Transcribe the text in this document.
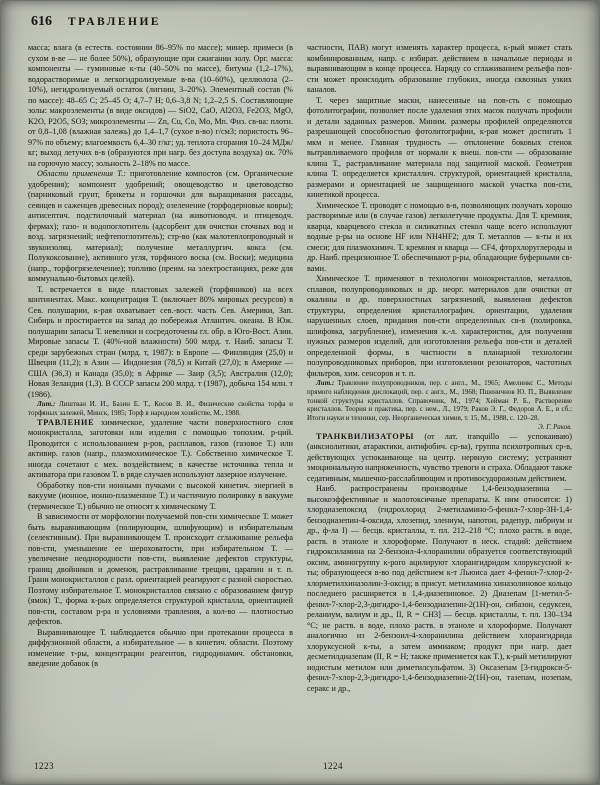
616 ТРАВЛЕНИЕ

масса; влага (в естеств. состоянии 86–95% по массе); минер. примеси (в сухом в-ве — не более 50%), образующие при сжигании золу. Орг. масса: компоненты — гуминовые к-ты (40–50% по массе), битумы (1,2–17%), водорастворимые и легкогидролизуемые в-ва (10–60%), целлюлоза (2–10%), негидролизуемый остаток (лигнин, 3–20%). Элементный состав (% по массе): 48–65 C; 25–45 O; 4,7–7 H; 0,6–3,8 N; 1,2–2,5 S. Составляющие золы: макроэлементы (в виде оксидов) — SiO2, CaO, Al2O3, Fe2O3, MgO, K2O, P2O5, SO3; микроэлементы — Zn, Cu, Co, Mo, Mn. Физ. св-ва: плотн. от 0,8–1,08 (влажная залежь) до 1,4–1,7 (сухое в-во) г/см3; пористость 96–97% по объему; влагоемкость 6,4–30 г/кг; уд. теплота сгорания 10–24 МДж/кг; выход летучих в-в (образуются при нагр. без доступа воздуха) ок. 70% на горючую массу; зольность 2–18% по массе.

Области применения Т.: приготовление компостов (см. Органические удобрения); компонент удобрений; овощеводство и цветоводство (парниковый грунт, брикеты и горшочки для выращивания рассады, сеянцев и саженцев древесных пород); озеленение (торфодерновые ковры); антисептич. подстилочный материал (на животноводч. и птицеводч. фермах); газо- и водопоглотитель (адсорбент для очистки сточных вод и возд. загрязнений; нефтепоглотитель); стр-во (как малотеплопроводный и звукоизоляц. материал); получение металлургич. кокса (см. Полукоксование), активного угля, торфяного воска (см. Воски); медицина (напр., торфогрязелечение); топливо (преим. на электростанциях, реже для коммунально-бытовых целей).

Т. встречается в виде пластовых залежей (торфяников) на всех континентах. Макс. концентрация Т. (включает 80% мировых ресурсов) в Сев. полушарии, к-рая охватывает сев.-вост. часть Сев. Америки, Зап. Сибирь и простирается на запад до побережья Атлантич. океана. В Юж. полушарии запасы Т. невелики и сосредоточены гл. обр. в Юго-Вост. Азии. Мировые запасы Т. (40%-ной влажности) 500 млрд. т. Наиб. запасы Т. среди зарубежных стран (млрд. т, 1987): в Европе — Финляндия (25,0) и Швеция (11,2); в Азии — Индонезия (78,5) и Китай (27,0); в Америке — США (36,3) и Канада (35,0); в Африке — Заир (3,5); Австралия (12,0); Новая Зеландия (1,3). В СССР запасы 200 млрд. т (1987), добыча 154 млн. т (1986).

Лит.: Лиштван И. И., Базин Е. Т., Косов В. И., Физические свойства торфа и торфяных залежей, Минск, 1985; Торф в народном хозяйстве, М., 1988.

ТРАВЛЕНИЕ химическое, удаление части поверхностного слоя монокристалла, заготовки или изделия с помощью топохим. р-ций. Проводится с использованием р-ров, расплавов, газов (газовое Т.) или активир. газов (напр., плазмохимическое Т.). Собственно химическое Т. иногда сочетают с мех. воздействием; в качестве источника тепла и активатора при газовом Т. в ряде случаев используют лазерное излучение.

Обработку пов-сти ионными пучками с высокой кинетич. энергией в вакууме (ионное, ионно-плазменное Т.) и частичную полировку в вакууме (термическое Т.) обычно не относят к химическому Т.

В зависимости от морфологии получаемой пов-сти химическое Т. может быть выравнивающим (полирующим, шлифующим) и избирательным (селективным). При выравнивающем Т. происходит сглаживание рельефа пов-сти, уменьшение ее шероховатости, при избирательном Т. — увеличение неоднородности пов-сти, выявление дефектов структуры, границ двойников и доменов, растравливание трещин, царапин и т. п. Грани монокристаллов с разл. ориентацией реагируют с разной скоростью. Поэтому избирательное Т. монокристаллов связано с образованием фигур (ямок) Т., форма к-рых определяется структурой кристалла, ориентацией пов-сти, составом р-ра и условиями травления, а кол-во — плотностью дефектов.

Выравнивающее Т. наблюдается обычно при протекании процесса в диффузионной области, а избирательное — в кинетич. области. Поэтому изменение т-ры, концентрации реагентов, гидродинамич. обстановки, введение добавок (в

частности, ПАВ) могут изменять характер процесса, к-рый может стать комбинированным, напр. с избират. действием в начальные периоды и выравнивающим в конце процесса. Наряду со сглаживанием рельефа пов-сти может происходить образование глубоких, иногда сквозных узких каналов.

Т. через защитные маски, нанесенные на пов-сть с помощью фотолитографии, позволяет после удаления этих масок получать профили и детали заданных размеров. Миним. размеры профилей определяются разрешающей способностью фотолитографии, к-рая может достигать 1 мкм и менее. Главная трудность — отклонение боковых стенок вытравливаемого профиля от нормали к внеш. пов-сти — образование клина Т., растравливание материала под защитной маской. Геометрия клина Т. определяется кристаллич. структурой, ориентацией кристалла, размерами и ориентацией не защищенного маской участка пов-сти, кинетикой процесса.

Химическое Т. проводят с помощью в-в, позволяющих получать хорошо растворимые или (в случае газов) легколетучие продукты. Для Т. кремния, кварца, кварцевого стекла и силикатных стекол чаще всего используют водные р-ры на основе HF или NH4HF2; для Т. металлов — к-ты и их смеси; для плазмохимич. Т. кремния и кварца — CF4, фторхлоруглероды и др. Наиб. прецизионное Т. обеспечивают р-ры, обладающие буферными св-вами.

Химическое Т. применяют в технологии монокристаллов, металлов, сплавов, полупроводниковых и др. неорг. материалов для очистки от окалины и др. поверхностных загрязнений, выявления дефектов структуры, определения кристаллографич. ориентации, удаления нарушенных слоев, придания пов-сти определенных св-в (полировка, шлифовка, загрубление), изменения к.-л. характеристик, для получения нужных размеров изделий, для изготовления рельефа пов-сти и деталей определенной формы, в частности в планарной технологии полупроводниковых приборов, при изготовлении резонаторов, частотных фильтров, хим. сенсоров и т. п.

Лит.: Травление полупроводников, пер. с англ., М., 1965; Амелинкс С., Методы прямого наблюдения дислокаций, пер. с англ., М., 1968; Пшеничнов Ю. П., Выявление тонкой структуры кристаллов. Справочник, М., 1974; Хейман Р. Б., Растворение кристаллов. Теория и практика, пер. с нем., Л., 1979; Раков Э. Г., Федоров А. Е., в сб.: Итоги науки и техники, сер. Неорганическая химия, т. 15, М., 1988, с. 120–28.
Э. Г. Раков.

ТРАНКВИЛИЗАТОРЫ (от лат. tranquillo — успокаиваю) (анксиолитики, атарактики, антифобич. ср-ва), группа психотропных ср-в, действующих успокаивающе на центр. нервную систему; устраняют эмоциональную напряженность, чувство тревоги и страха. Обладают также седативным, мышечно-расслабляющим и противосудорожным действием.

Наиб. распространены производные 1,4-бензодиазепина — высокоэффективные и малотоксичные препараты. К ним относятся: 1) хлордиазепоксид (гидрохлорид 2-метиламино-5-фенил-7-хлор-3Н-1,4-бензодиазепин-4-оксида, хлозепид, элениум, напотон, радепур, либриум и др., ф-ла I) — бесцв. кристаллы, т. пл. 212–218 °С; плохо раств. в воде, раств. в этаноле и хлороформе. Получают в неск. стадий: действием гидроксиламина на 2-бензоил-4-хлоранилин образуется соответствующий оксим, аминогруппу к-рого ацилируют хлорангидридом хлоруксусной к-ты; образующееся в-во под действием к-т Льюиса дает 4-фенил-7-хлор-2-хлорметилхиназолин-3-оксид; в присут. метиламина хиназолиновое кольцо последнего расширяется в 1,4-диазепиновое. 2) Диазепам [1-метил-5-фенил-7-хлор-2,3-дигидро-1,4-бензодиазепин-2(1Н)-он, сибазон, седуксен, реланиум, валиум и др., II, R = CH3] — бесцв. кристаллы, т. пл. 130–134 °С; не раств. в воде, плохо раств. в этаноле и хлороформе. Получают аналогично из 2-бензоил-4-хлоранилина действием хлорангидрида хлоруксусной к-ты, а затем аммиаком; продукт при нагр. дает десметилдиазепам (II, R = Н; также применяется как Т.), к-рый метилируют иодистым метилом или диметилсульфатом. 3) Оксазепам [3-гидрокси-5-фенил-7-хлор-2,3-дигидро-1,4-бензодиазепин-2(1Н)-он, тазепам, нозепам, серакс и др.,

1223	1224
